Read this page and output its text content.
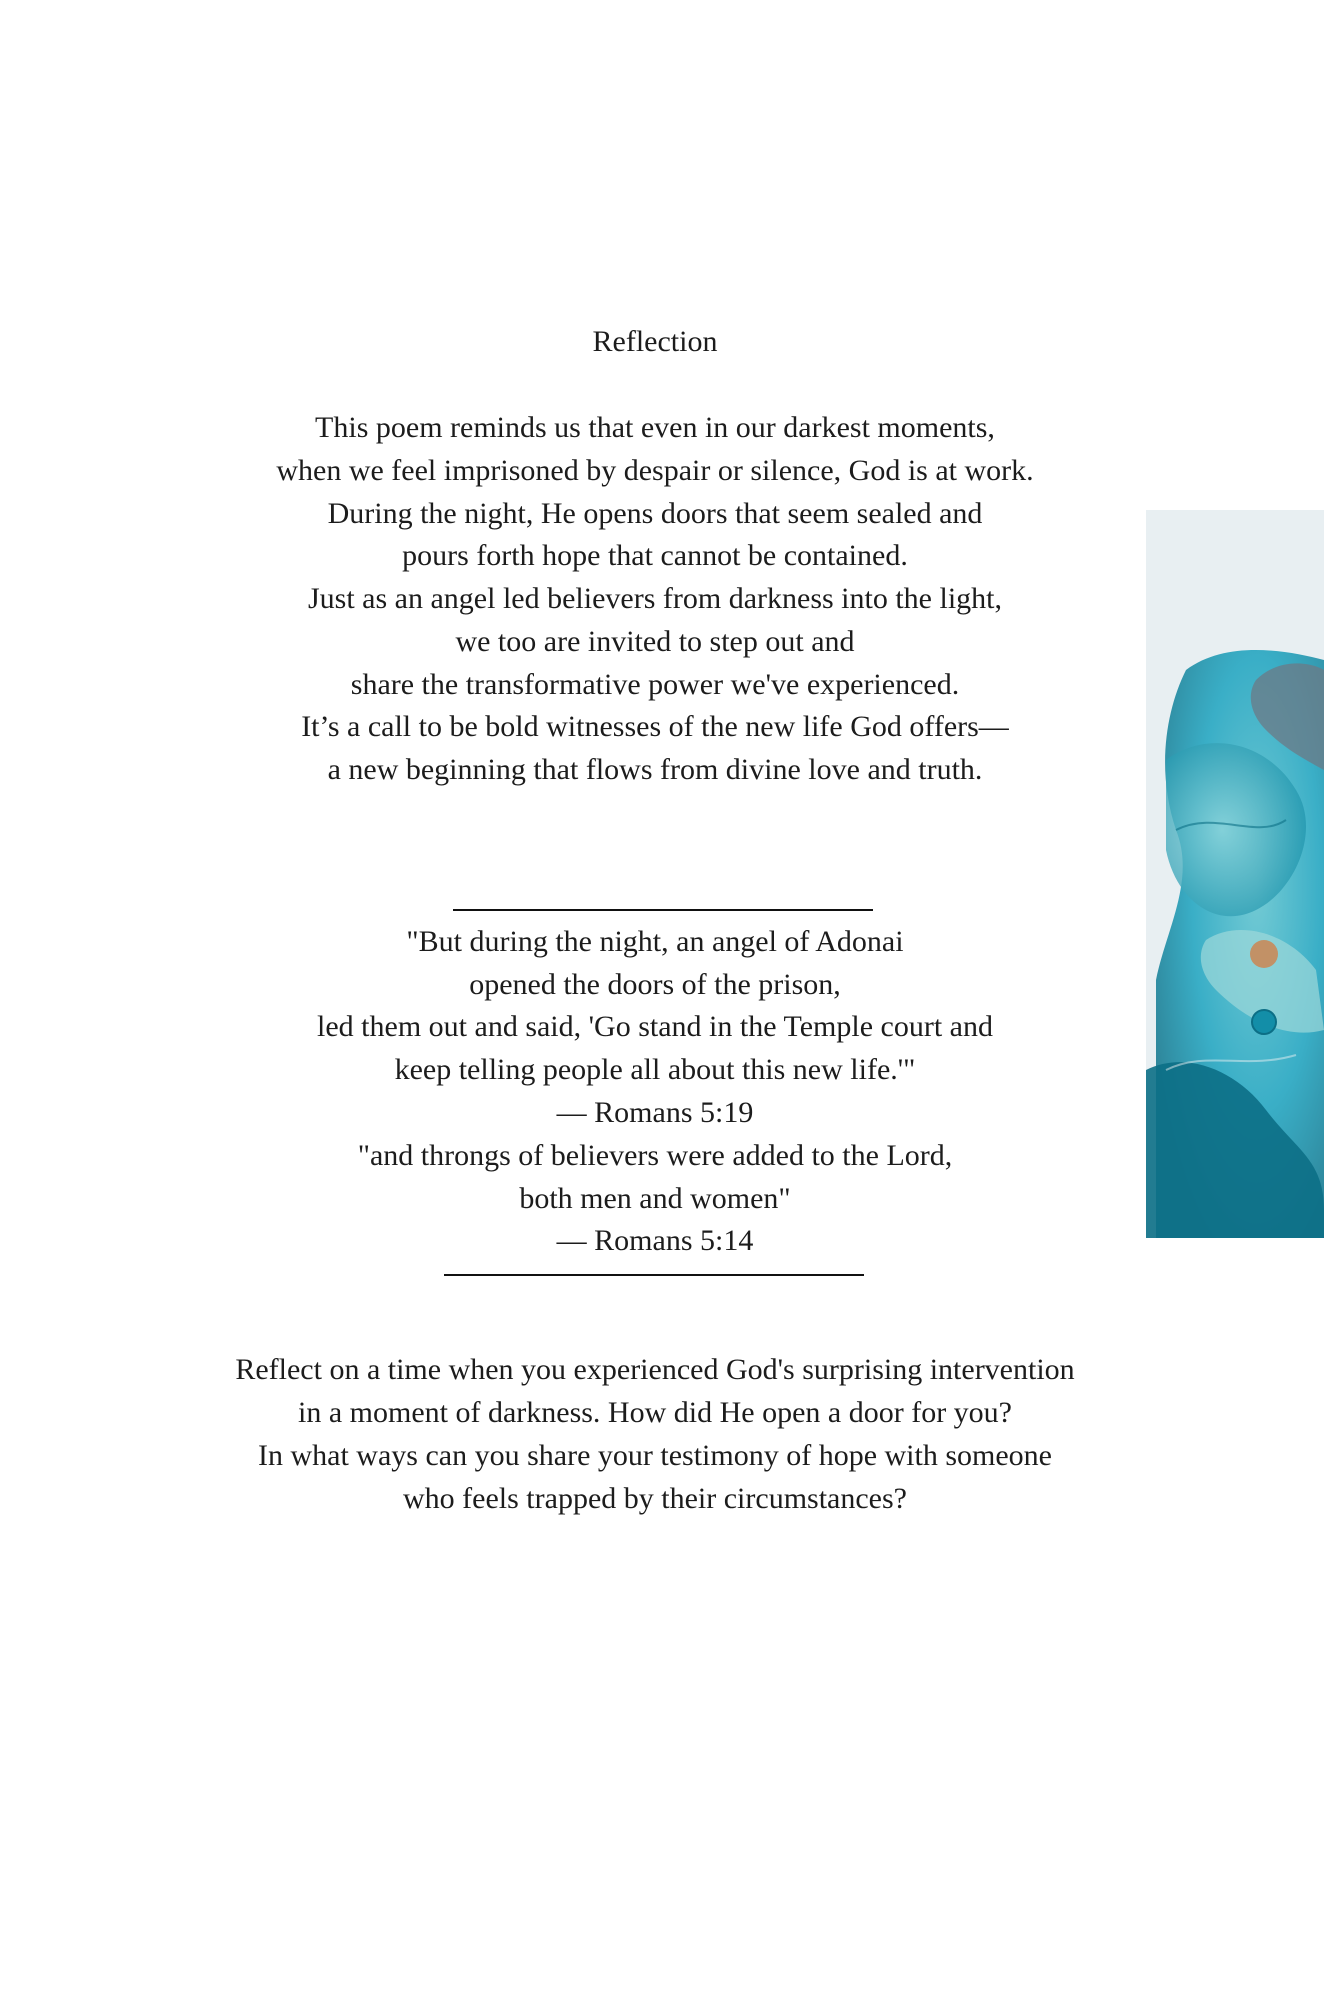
Reflection
This poem reminds us that even in our darkest moments,
when we feel imprisoned by despair or silence, God is at work.
During the night, He opens doors that seem sealed and
pours forth hope that cannot be contained.
Just as an angel led believers from darkness into the light,
we too are invited to step out and
share the transformative power we've experienced.
It’s a call to be bold witnesses of the new life God offers—
a new beginning that flows from divine love and truth.
"But during the night, an angel of Adonai
opened the doors of the prison,
led them out and said, 'Go stand in the Temple court and
keep telling people all about this new life.'"
— Romans 5:19
"and throngs of believers were added to the Lord,
both men and women"
— Romans 5:14
Reflect on a time when you experienced God's surprising intervention
in a moment of darkness. How did He open a door for you?
In what ways can you share your testimony of hope with someone
who feels trapped by their circumstances?
